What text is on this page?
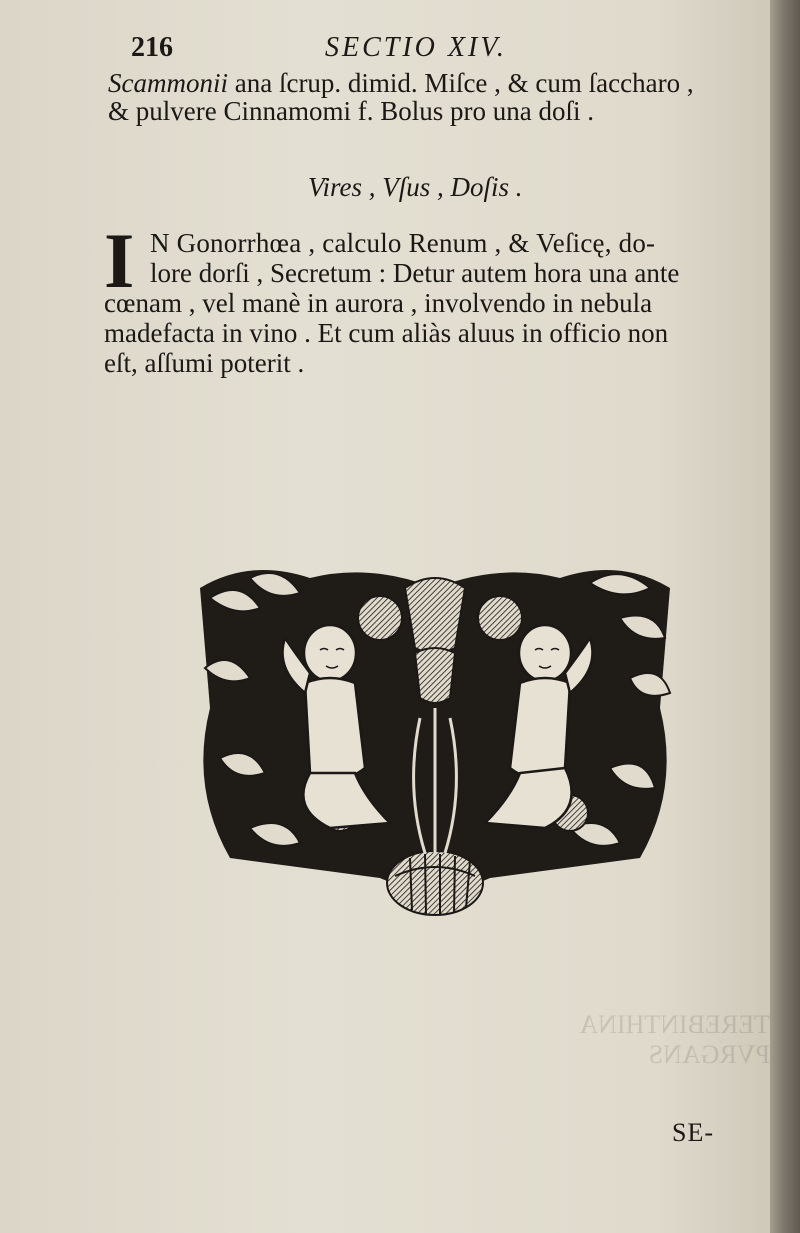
TEREBINTHINA PVRGANS
216	SECTIO XIV.
Scammonii ana ſcrup. dimid. Miſce , & cum ſaccharo ,
& pulvere Cinnamomi f. Bolus pro una doſi .
Vires , Vſus , Doſis .
I N Gonorrhœa , calculo Renum , & Veſicę, do-
lore dorſi , Secretum : Detur autem hora una ante
cœnam , vel manè in aurora , involvendo in nebula
madefacta in vino . Et cum aliàs aluus in officio non
eſt, aſſumi poterit .
SE-
